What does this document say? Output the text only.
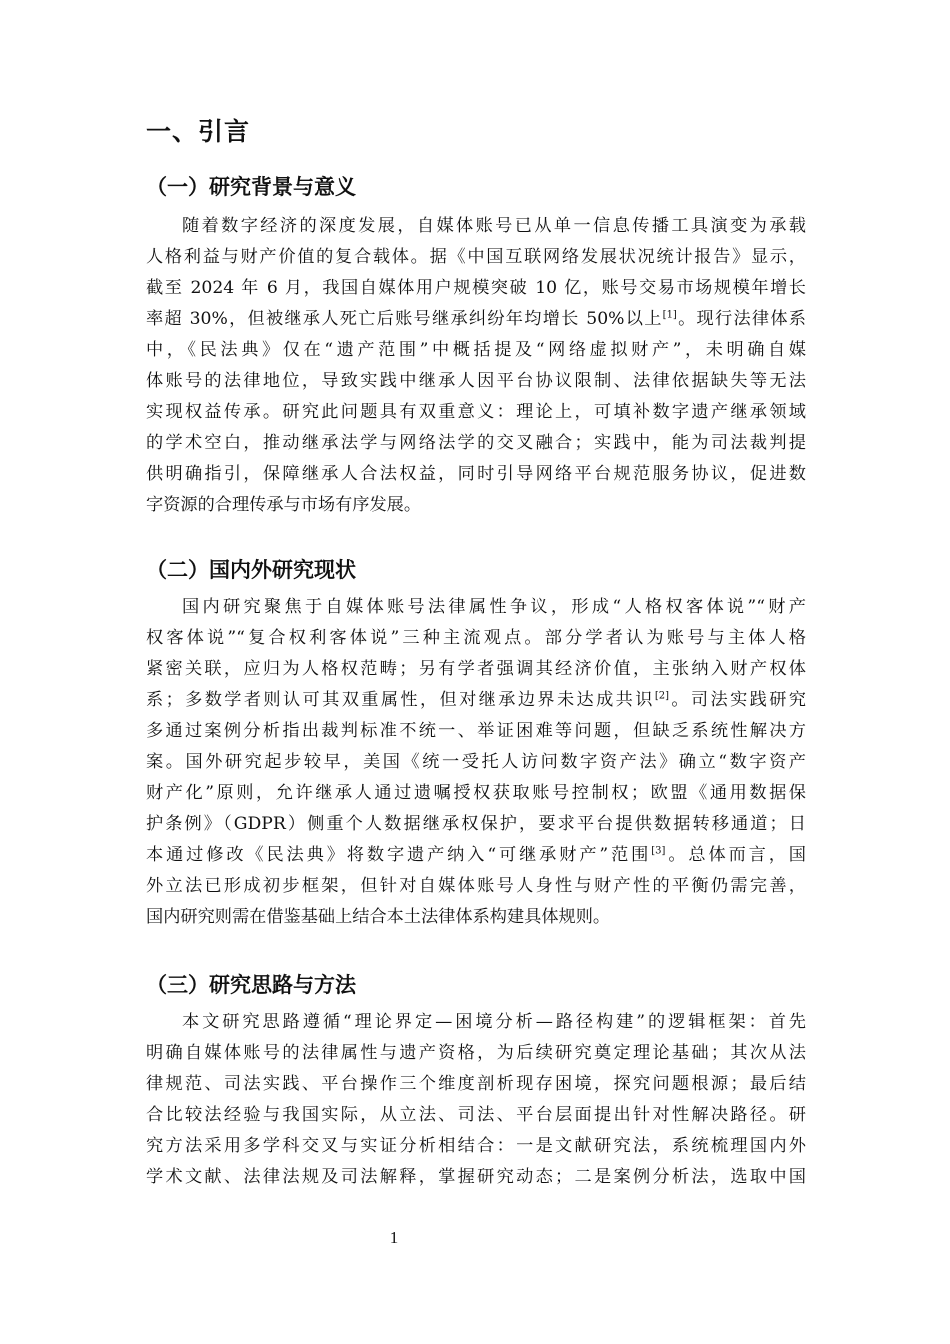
一、引言
（一）研究背景与意义
随着数字经济的深度发展，自媒体账号已从单一信息传播工具演变为承载
人格利益与财产价值的复合载体。据《中国互联网络发展状况统计报告》显示，
截至 2024 年 6 月，我国自媒体用户规模突破 10 亿，账号交易市场规模年增长
率超 30%，但被继承人死亡后账号继承纠纷年均增长 50%以上[1]。现行法律体系
中，《民法典》仅在“遗产范围”中概括提及“网络虚拟财产”，未明确自媒
体账号的法律地位，导致实践中继承人因平台协议限制、法律依据缺失等无法
实现权益传承。研究此问题具有双重意义：理论上，可填补数字遗产继承领域
的学术空白，推动继承法学与网络法学的交叉融合；实践中，能为司法裁判提
供明确指引，保障继承人合法权益，同时引导网络平台规范服务协议，促进数
字资源的合理传承与市场有序发展。
（二）国内外研究现状
国内研究聚焦于自媒体账号法律属性争议，形成“人格权客体说”“财产
权客体说”“复合权利客体说”三种主流观点。部分学者认为账号与主体人格
紧密关联，应归为人格权范畴；另有学者强调其经济价值，主张纳入财产权体
系；多数学者则认可其双重属性，但对继承边界未达成共识[2]。司法实践研究
多通过案例分析指出裁判标准不统一、举证困难等问题，但缺乏系统性解决方
案。国外研究起步较早，美国《统一受托人访问数字资产法》确立“数字资产
财产化”原则，允许继承人通过遗嘱授权获取账号控制权；欧盟《通用数据保
护条例》（GDPR）侧重个人数据继承权保护，要求平台提供数据转移通道；日
本通过修改《民法典》将数字遗产纳入“可继承财产”范围[3]。总体而言，国
外立法已形成初步框架，但针对自媒体账号人身性与财产性的平衡仍需完善，
国内研究则需在借鉴基础上结合本土法律体系构建具体规则。
（三）研究思路与方法
本文研究思路遵循“理论界定—困境分析—路径构建”的逻辑框架：首先
明确自媒体账号的法律属性与遗产资格，为后续研究奠定理论基础；其次从法
律规范、司法实践、平台操作三个维度剖析现存困境，探究问题根源；最后结
合比较法经验与我国实际，从立法、司法、平台层面提出针对性解决路径。研
究方法采用多学科交叉与实证分析相结合：一是文献研究法，系统梳理国内外
学术文献、法律法规及司法解释，掌握研究动态；二是案例分析法，选取中国
1
